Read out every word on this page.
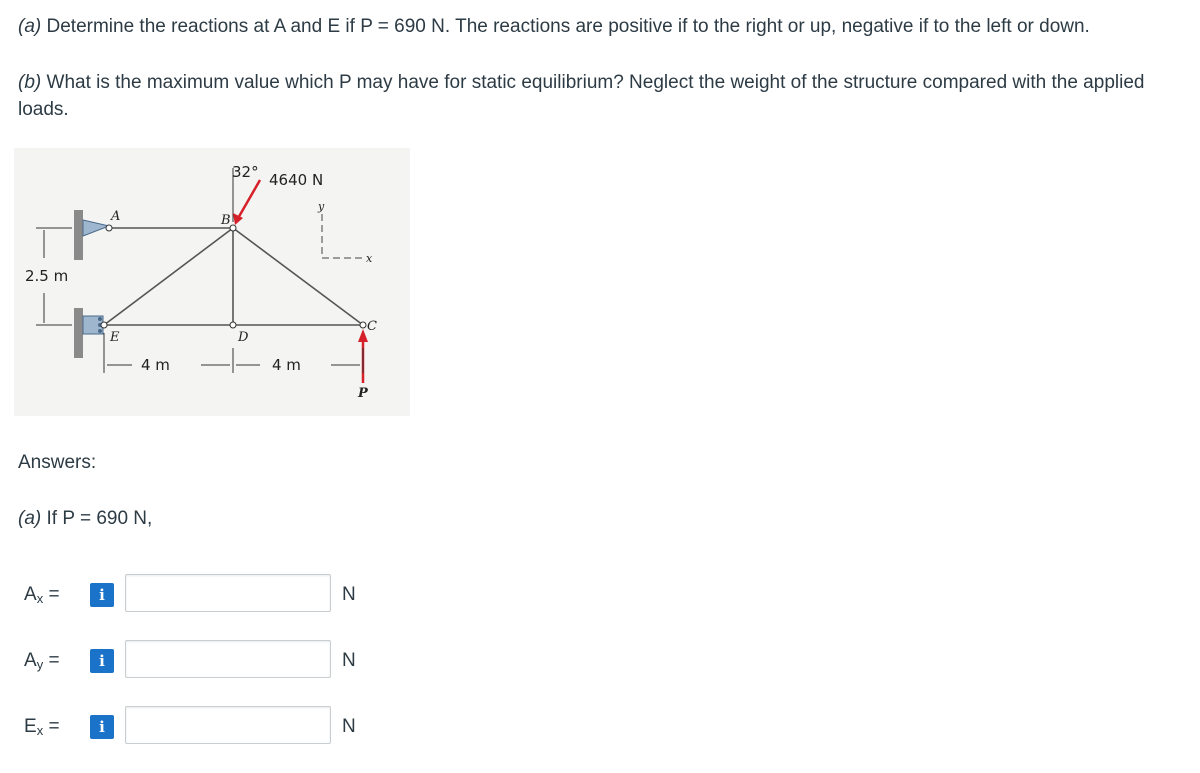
(a) Determine the reactions at A and E if P = 690 N. The reactions are positive if to the right or up, negative if to the left or down.

(b) What is the maximum value which P may have for static equilibrium? Neglect the weight of the structure compared with the applied loads.

A	B
C
D
E
P
y
x
32° 4640 N
2.5 m
4 m	4 m
Answers:
(a) If P = 690 N,
$A_x$ =	i	N
$A_y$ =	i	N
$E_x$ =	i	N
